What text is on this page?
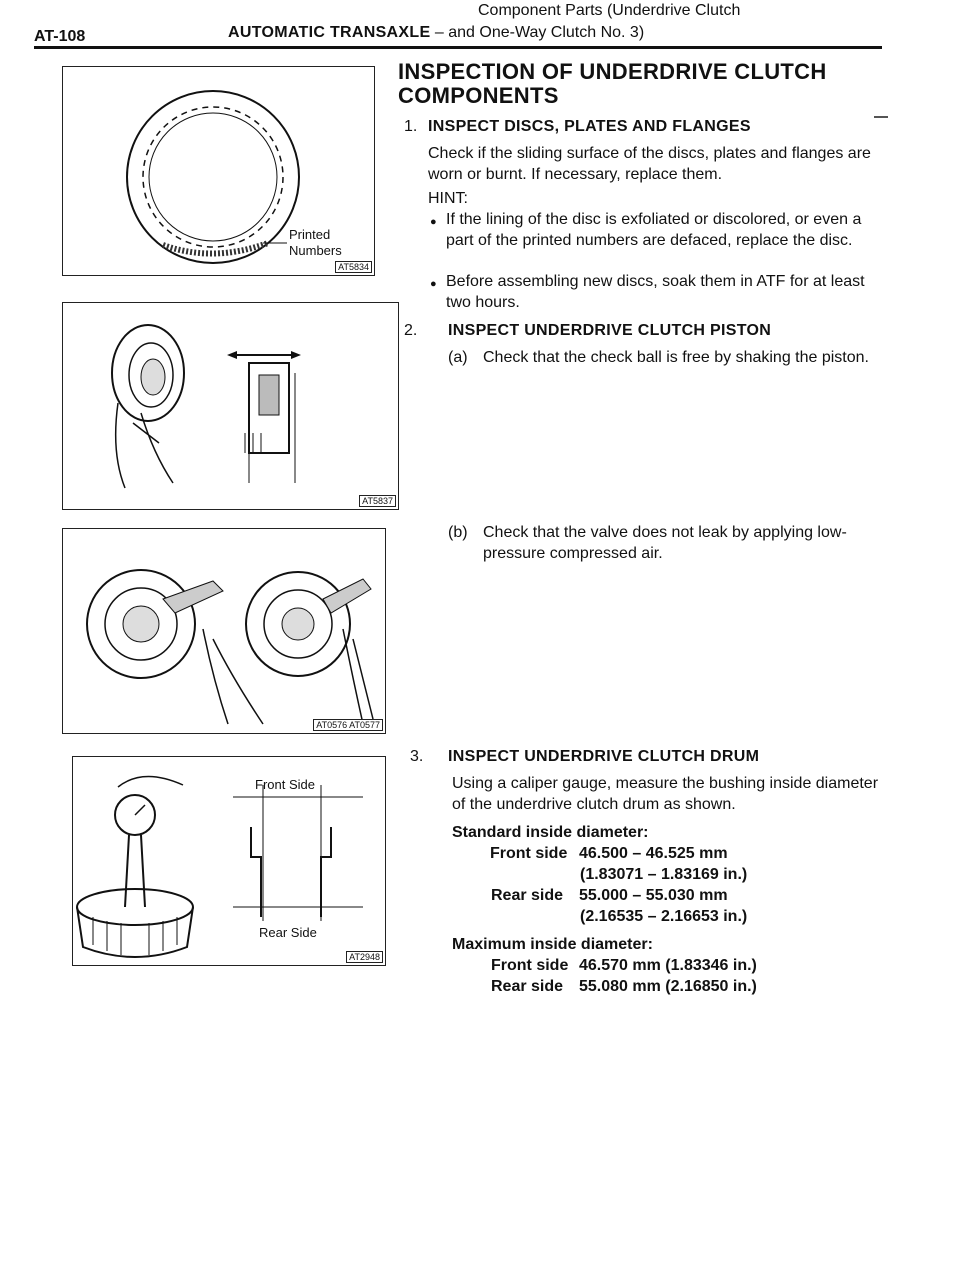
AT-108
Component Parts (Underdrive Clutch
AUTOMATIC TRANSAXLE – and One-Way Clutch No. 3)
Printed
Numbers
AT5834
AT5837
AT0576 AT0577
Front Side
Rear Side
AT2948
INSPECTION OF UNDERDRIVE CLUTCH COMPONENTS
1. INSPECT DISCS, PLATES AND FLANGES
Check if the sliding surface of the discs, plates and flanges are worn or burnt. If necessary, replace them.
HINT:
● If the lining of the disc is exfoliated or discolored, or even a part of the printed numbers are defaced, replace the disc.
● Before assembling new discs, soak them in ATF for at least two hours.
2. INSPECT UNDERDRIVE CLUTCH PISTON
(a) Check that the check ball is free by shaking the piston.
(b) Check that the valve does not leak by applying low-pressure compressed air.
3. INSPECT UNDERDRIVE CLUTCH DRUM
Using a caliper gauge, measure the bushing inside diameter of the underdrive clutch drum as shown.
Standard inside diameter:
Front side 46.500 – 46.525 mm
(1.83071 – 1.83169 in.)
Rear side 55.000 – 55.030 mm
(2.16535 – 2.16653 in.)
Maximum inside diameter:
Front side 46.570 mm (1.83346 in.)
Rear side 55.080 mm (2.16850 in.)
